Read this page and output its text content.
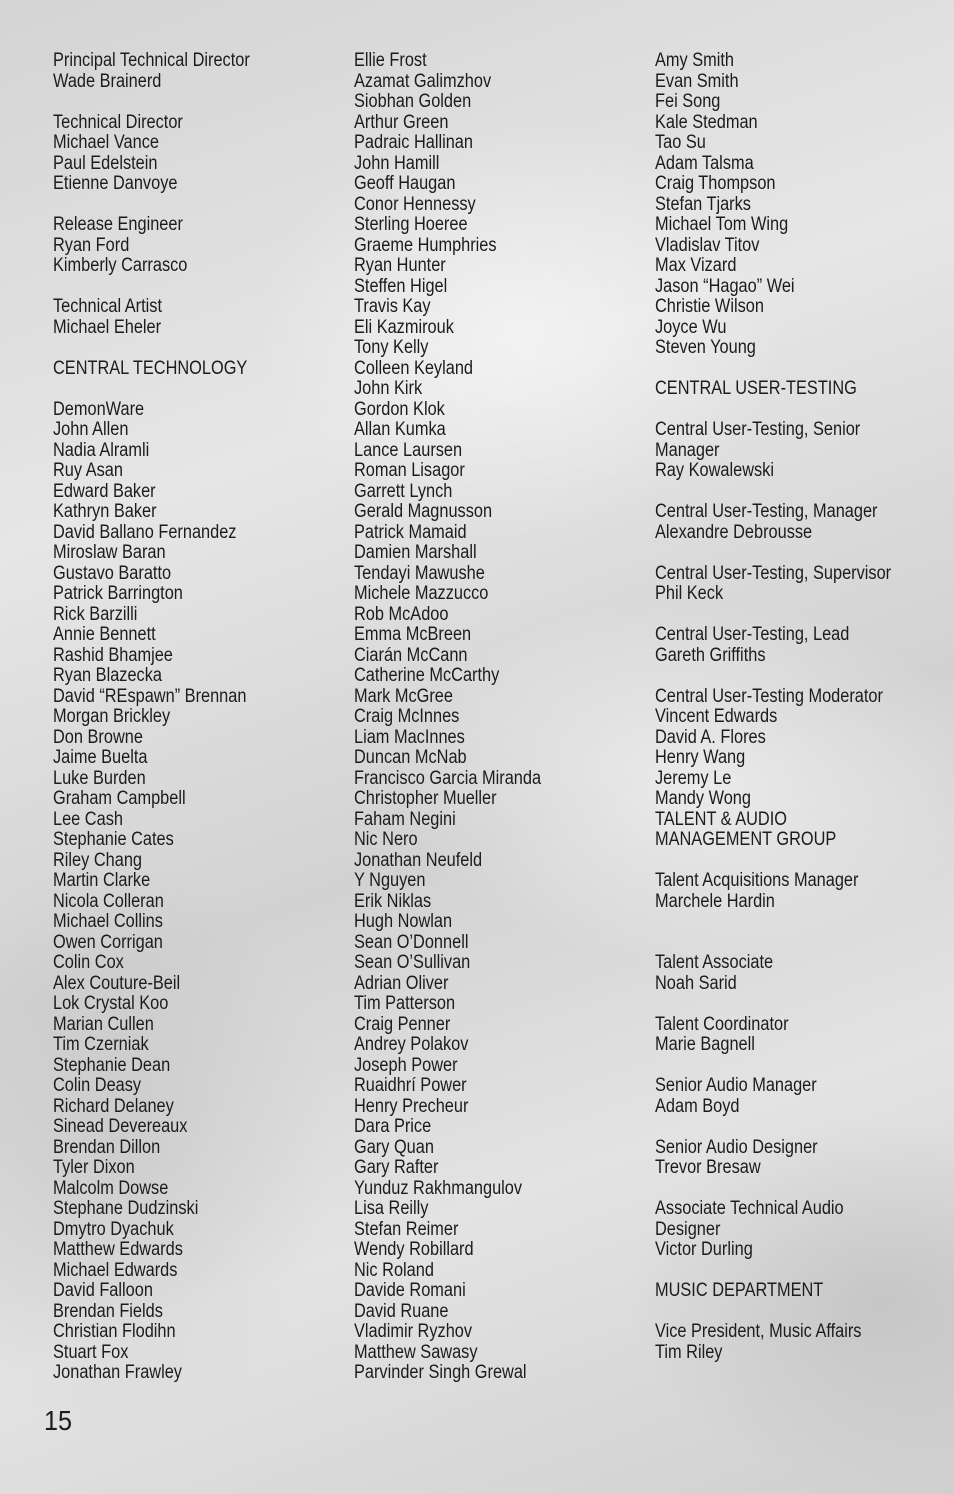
Principal Technical Director
Wade Brainerd
Technical Director
Michael Vance
Paul Edelstein
Etienne Danvoye
Release Engineer
Ryan Ford
Kimberly Carrasco
Technical Artist
Michael Eheler
CENTRAL TECHNOLOGY
DemonWare
John Allen
Nadia Alramli
Ruy Asan
Edward Baker
Kathryn Baker
David Ballano Fernandez
Miroslaw Baran
Gustavo Baratto
Patrick Barrington
Rick Barzilli
Annie Bennett
Rashid Bhamjee
Ryan Blazecka
David “REspawn” Brennan
Morgan Brickley
Don Browne
Jaime Buelta
Luke Burden
Graham Campbell
Lee Cash
Stephanie Cates
Riley Chang
Martin Clarke
Nicola Colleran
Michael Collins
Owen Corrigan
Colin Cox
Alex Couture-Beil
Lok Crystal Koo
Marian Cullen
Tim Czerniak
Stephanie Dean
Colin Deasy
Richard Delaney
Sinead Devereaux
Brendan Dillon
Tyler Dixon
Malcolm Dowse
Stephane Dudzinski
Dmytro Dyachuk
Matthew Edwards
Michael Edwards
David Falloon
Brendan Fields
Christian Flodihn
Stuart Fox
Jonathan Frawley
Ellie Frost
Azamat Galimzhov
Siobhan Golden
Arthur Green
Padraic Hallinan
John Hamill
Geoff Haugan
Conor Hennessy
Sterling Hoeree
Graeme Humphries
Ryan Hunter
Steffen Higel
Travis Kay
Eli Kazmirouk
Tony Kelly
Colleen Keyland
John Kirk
Gordon Klok
Allan Kumka
Lance Laursen
Roman Lisagor
Garrett Lynch
Gerald Magnusson
Patrick Mamaid
Damien Marshall
Tendayi Mawushe
Michele Mazzucco
Rob McAdoo
Emma McBreen
Ciarán McCann
Catherine McCarthy
Mark McGree
Craig McInnes
Liam MacInnes
Duncan McNab
Francisco Garcia Miranda
Christopher Mueller
Faham Negini
Nic Nero
Jonathan Neufeld
Y Nguyen
Erik Niklas
Hugh Nowlan
Sean O’Donnell
Sean O’Sullivan
Adrian Oliver
Tim Patterson
Craig Penner
Andrey Polakov
Joseph Power
Ruaidhrí Power
Henry Precheur
Dara Price
Gary Quan
Gary Rafter
Yunduz Rakhmangulov
Lisa Reilly
Stefan Reimer
Wendy Robillard
Nic Roland
Davide Romani
David Ruane
Vladimir Ryzhov
Matthew Sawasy
Parvinder Singh Grewal
Amy Smith
Evan Smith
Fei Song
Kale Stedman
Tao Su
Adam Talsma
Craig Thompson
Stefan Tjarks
Michael Tom Wing
Vladislav Titov
Max Vizard
Jason “Hagao” Wei
Christie Wilson
Joyce Wu
Steven Young
CENTRAL USER-TESTING
Central User-Testing, Senior
Manager
Ray Kowalewski
Central User-Testing, Manager
Alexandre Debrousse
Central User-Testing, Supervisor
Phil Keck
Central User-Testing, Lead
Gareth Griffiths
Central User-Testing Moderator
Vincent Edwards
David A. Flores
Henry Wang
Jeremy Le
Mandy Wong
TALENT & AUDIO
MANAGEMENT GROUP
Talent Acquisitions Manager
Marchele Hardin
Talent Associate
Noah Sarid
Talent Coordinator
Marie Bagnell
Senior Audio Manager
Adam Boyd
Senior Audio Designer
Trevor Bresaw
Associate Technical Audio
Designer
Victor Durling
MUSIC DEPARTMENT
Vice President, Music Affairs
Tim Riley
15
